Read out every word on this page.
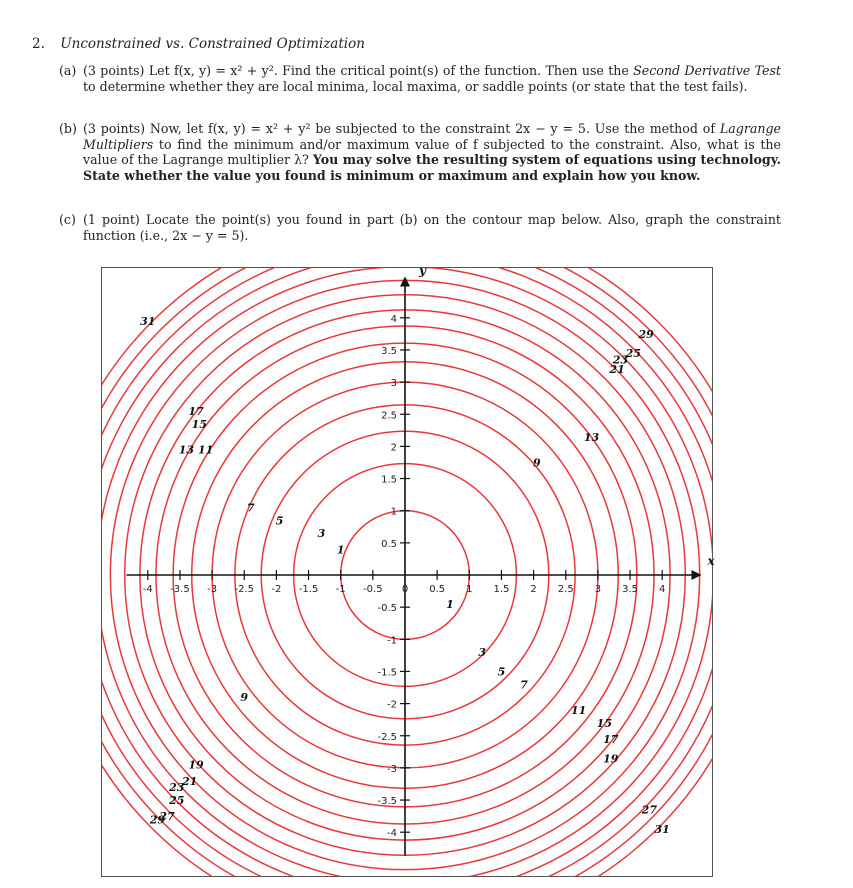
2. Unconstrained vs. Constrained Optimization
(a) (3 points) Let f(x, y) = x² + y². Find the critical point(s) of the function. Then use the Second Derivative Test to determine whether they are local minima, local maxima, or saddle points (or state that the test fails).
(b) (3 points) Now, let f(x, y) = x² + y² be subjected to the constraint 2x − y = 5. Use the method of Lagrange Multipliers to find the minimum and/or maximum value of f subjected to the constraint. Also, what is the value of the Lagrange multiplier λ? You may solve the resulting system of equations using technology. State whether the value you found is minimum or maximum and explain how you know.
(c) (1 point) Locate the point(s) you found in part (b) on the contour map below. Also, graph the constraint function (i.e., 2x − y = 5).
x
y
-4 -3.5 -3 -2.5 -2 -1.5 -1 -0.5 0 0.5 1 1.5 2 2.5 3 3.5 4
4
3.5
3
2.5
2
1.5
1
0.5
-0.5
-1
-1.5
-2
-2.5
-3
-3.5
-4
1
1
3
3
5
5
7
7
9
9
11
11
13
13
15
15
17
17
19	19
21
21
23
23
25
25
27	27
29
29
31
31
